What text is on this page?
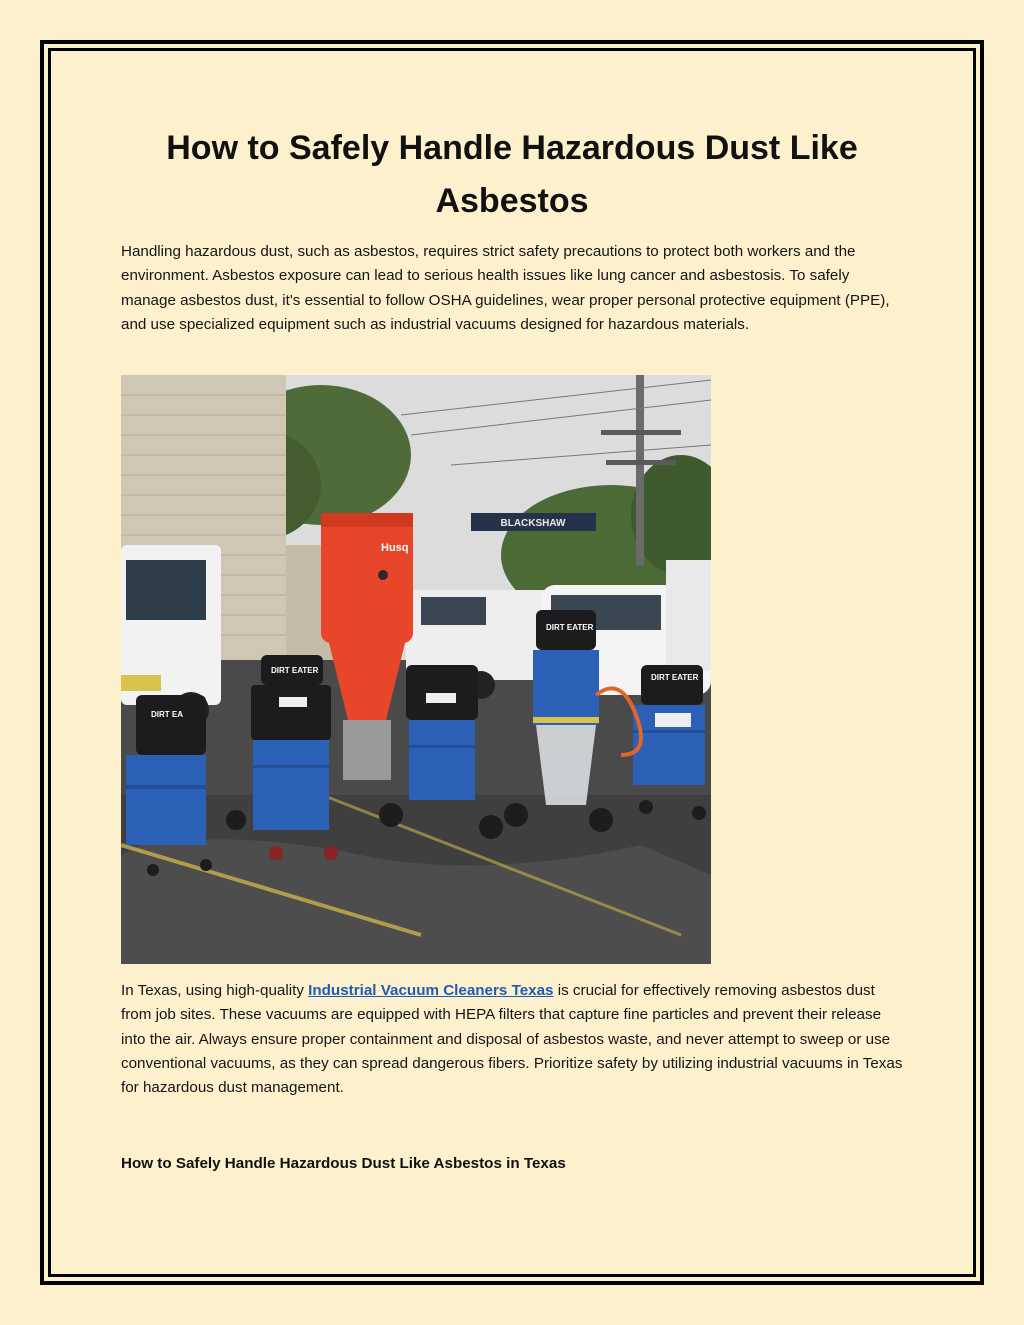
How to Safely Handle Hazardous Dust Like Asbestos

Handling hazardous dust, such as asbestos, requires strict safety precautions to protect both workers and the environment. Asbestos exposure can lead to serious health issues like lung cancer and asbestosis. To safely manage asbestos dust, it's essential to follow OSHA guidelines, wear proper personal protective equipment (PPE), and use specialized equipment such as industrial vacuums designed for hazardous materials.

BLACKSHAW
Husq
DIRT EA
DIRT EATER
DIRT EATER
DIRT EATER

In Texas, using high-quality Industrial Vacuum Cleaners Texas is crucial for effectively removing asbestos dust from job sites. These vacuums are equipped with HEPA filters that capture fine particles and prevent their release into the air. Always ensure proper containment and disposal of asbestos waste, and never attempt to sweep or use conventional vacuums, as they can spread dangerous fibers. Prioritize safety by utilizing industrial vacuums in Texas for hazardous dust management.

How to Safely Handle Hazardous Dust Like Asbestos in Texas
